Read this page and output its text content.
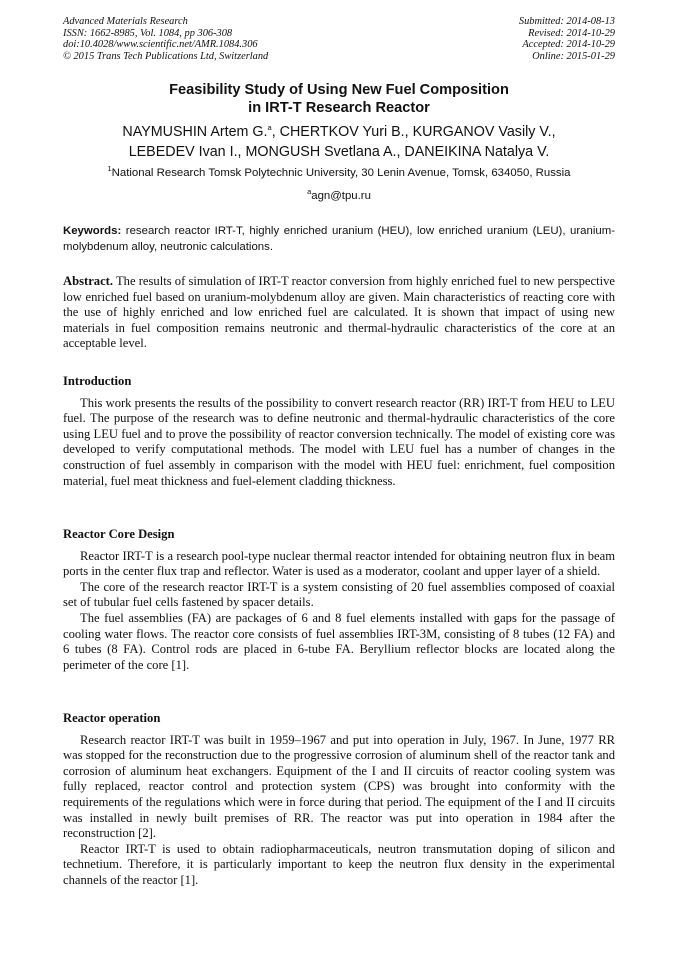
Advanced Materials Research
ISSN: 1662-8985, Vol. 1084, pp 306-308
doi:10.4028/www.scientific.net/AMR.1084.306
© 2015 Trans Tech Publications Ltd, Switzerland
Submitted: 2014-08-13
Revised: 2014-10-29
Accepted: 2014-10-29
Online: 2015-01-29
Feasibility Study of Using New Fuel Composition
in IRT-T Research Reactor
NAYMUSHIN Artem G.$^a$, CHERTKOV Yuri B., KURGANOV Vasily V.,
LEBEDEV Ivan I., MONGUSH Svetlana A., DANEIKINA Natalya V.
$^1$National Research Tomsk Polytechnic University, 30 Lenin Avenue, Tomsk, 634050, Russia
$^a$agn@tpu.ru
Keywords: research reactor IRT-T, highly enriched uranium (HEU), low enriched uranium (LEU), uranium-molybdenum alloy, neutronic calculations.
Abstract. The results of simulation of IRT-T reactor conversion from highly enriched fuel to new perspective low enriched fuel based on uranium-molybdenum alloy are given. Main characteristics of reacting core with the use of highly enriched and low enriched fuel are calculated. It is shown that impact of using new materials in fuel composition remains neutronic and thermal-hydraulic characteristics of the core at an acceptable level.

Introduction

This work presents the results of the possibility to convert research reactor (RR) IRT-T from HEU to LEU fuel. The purpose of the research was to define neutronic and thermal-hydraulic characteristics of the core using LEU fuel and to prove the possibility of reactor conversion technically. The model of existing core was developed to verify computational methods. The model with LEU fuel has a number of changes in the construction of fuel assembly in comparison with the model with HEU fuel: enrichment, fuel composition material, fuel meat thickness and fuel-element cladding thickness.

Reactor Core Design

Reactor IRT-T is a research pool-type nuclear thermal reactor intended for obtaining neutron flux in beam ports in the center flux trap and reflector. Water is used as a moderator, coolant and upper layer of a shield.

The core of the research reactor IRT-T is a system consisting of 20 fuel assemblies composed of coaxial set of tubular fuel cells fastened by spacer details.

The fuel assemblies (FA) are packages of 6 and 8 fuel elements installed with gaps for the passage of cooling water flows. The reactor core consists of fuel assemblies IRT-3M, consisting of 8 tubes (12 FA) and 6 tubes (8 FA). Control rods are placed in 6-tube FA. Beryllium reflector blocks are located along the perimeter of the core [1].

Reactor operation

Research reactor IRT-T was built in 1959–1967 and put into operation in July, 1967. In June, 1977 RR was stopped for the reconstruction due to the progressive corrosion of aluminum shell of the reactor tank and corrosion of aluminum heat exchangers. Equipment of the I and II circuits of reactor cooling system was fully replaced, reactor control and protection system (CPS) was brought into conformity with the requirements of the regulations which were in force during that period. The equipment of the I and II circuits was installed in newly built premises of RR. The reactor was put into operation in 1984 after the reconstruction [2].

Reactor IRT-T is used to obtain radiopharmaceuticals, neutron transmutation doping of silicon and technetium. Therefore, it is particularly important to keep the neutron flux density in the experimental channels of the reactor [1].
